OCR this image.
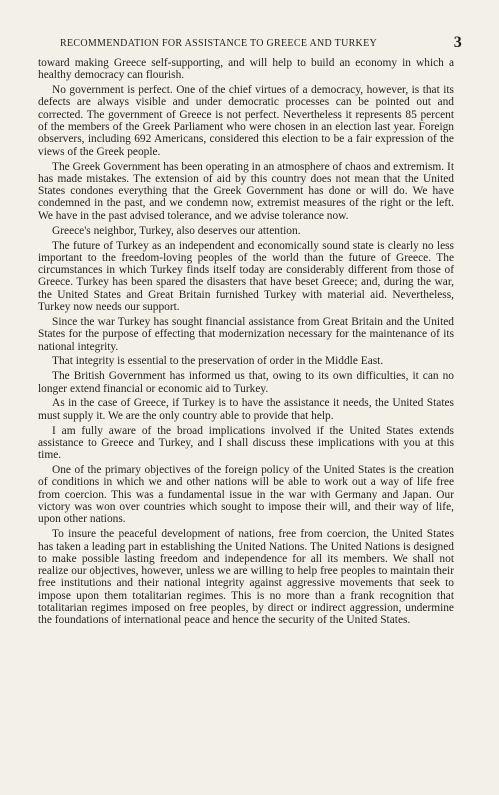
RECOMMENDATION FOR ASSISTANCE TO GREECE AND TURKEY	3

toward making Greece self-supporting, and will help to build an economy in which a healthy democracy can flourish.

No government is perfect. One of the chief virtues of a democracy, however, is that its defects are always visible and under democratic processes can be pointed out and corrected. The government of Greece is not perfect. Nevertheless it represents 85 percent of the members of the Greek Parliament who were chosen in an election last year. Foreign observers, including 692 Americans, considered this election to be a fair expression of the views of the Greek people.

The Greek Government has been operating in an atmosphere of chaos and extremism. It has made mistakes. The extension of aid by this country does not mean that the United States condones everything that the Greek Government has done or will do. We have condemned in the past, and we condemn now, extremist measures of the right or the left. We have in the past advised tolerance, and we advise tolerance now.

Greece's neighbor, Turkey, also deserves our attention.

The future of Turkey as an independent and economically sound state is clearly no less important to the freedom-loving peoples of the world than the future of Greece. The circumstances in which Turkey finds itself today are considerably different from those of Greece. Turkey has been spared the disasters that have beset Greece; and, during the war, the United States and Great Britain furnished Turkey with material aid. Nevertheless, Turkey now needs our support.

Since the war Turkey has sought financial assistance from Great Britain and the United States for the purpose of effecting that modernization necessary for the maintenance of its national integrity.

That integrity is essential to the preservation of order in the Middle East.

The British Government has informed us that, owing to its own difficulties, it can no longer extend financial or economic aid to Turkey.

As in the case of Greece, if Turkey is to have the assistance it needs, the United States must supply it. We are the only country able to provide that help.

I am fully aware of the broad implications involved if the United States extends assistance to Greece and Turkey, and I shall discuss these implications with you at this time.

One of the primary objectives of the foreign policy of the United States is the creation of conditions in which we and other nations will be able to work out a way of life free from coercion. This was a fundamental issue in the war with Germany and Japan. Our victory was won over countries which sought to impose their will, and their way of life, upon other nations.

To insure the peaceful development of nations, free from coercion, the United States has taken a leading part in establishing the United Nations. The United Nations is designed to make possible lasting freedom and independence for all its members. We shall not realize our objectives, however, unless we are willing to help free peoples to maintain their free institutions and their national integrity against aggressive movements that seek to impose upon them totalitarian regimes. This is no more than a frank recognition that totalitarian regimes imposed on free peoples, by direct or indirect aggression, undermine the foundations of international peace and hence the security of the United States.
